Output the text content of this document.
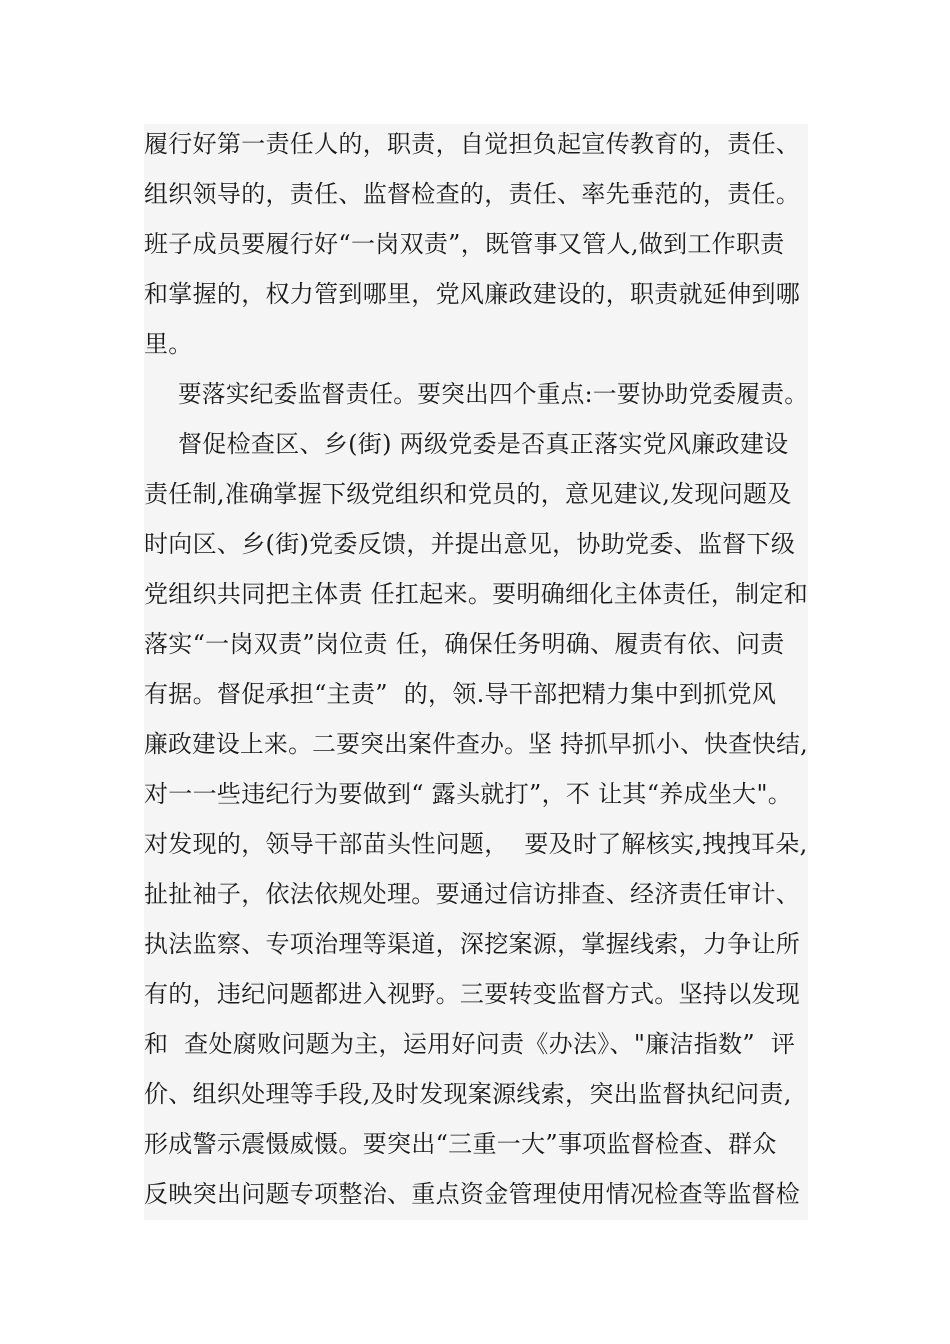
履行好第一责任人的，职责，自觉担负起宣传教育的，责任、
组织领导的，责任、监督检查的，责任、率先垂范的，责任。
班子成员要履行好“一岗双责”，既管事又管人,做到工作职责
和掌握的，权力管到哪里，党风廉政建设的，职责就延伸到哪
里。
要落实纪委监督责任。要突出四个重点:一要协助党委履责。
督促检查区、乡(街) 两级党委是否真正落实党风廉政建设
责任制,准确掌握下级党组织和党员的，意见建议,发现问题及
时向区、乡(街)党委反馈，并提出意见，协助党委、监督下级
党组织共同把主体责 任扛起来。要明确细化主体责任，制定和
落实“一岗双责”岗位责 任，确保任务明确、履责有依、问责
有据。督促承担“主责”  的，领.导干部把精力集中到抓党风
廉政建设上来。二要突出案件查办。坚 持抓早抓小、快查快结,
对一一些违纪行为要做到“ 露头就打”，不 让其“养成坐大"。
对发现的，领导干部苗头性问题，  要及时了解核实,拽拽耳朵,
扯扯袖子，依法依规处理。要通过信访排查、经济责任审计、
执法监察、专项治理等渠道，深挖案源，掌握线索，力争让所
有的，违纪问题都进入视野。三要转变监督方式。坚持以发现
和  查处腐败问题为主，运用好问责《办法》、"廉洁指数”  评
价、组织处理等手段,及时发现案源线索，突出监督执纪问责,
形成警示震慑威慑。要突出“三重一大”事项监督检查、群众
反映突出问题专项整治、重点资金管理使用情况检查等监督检
